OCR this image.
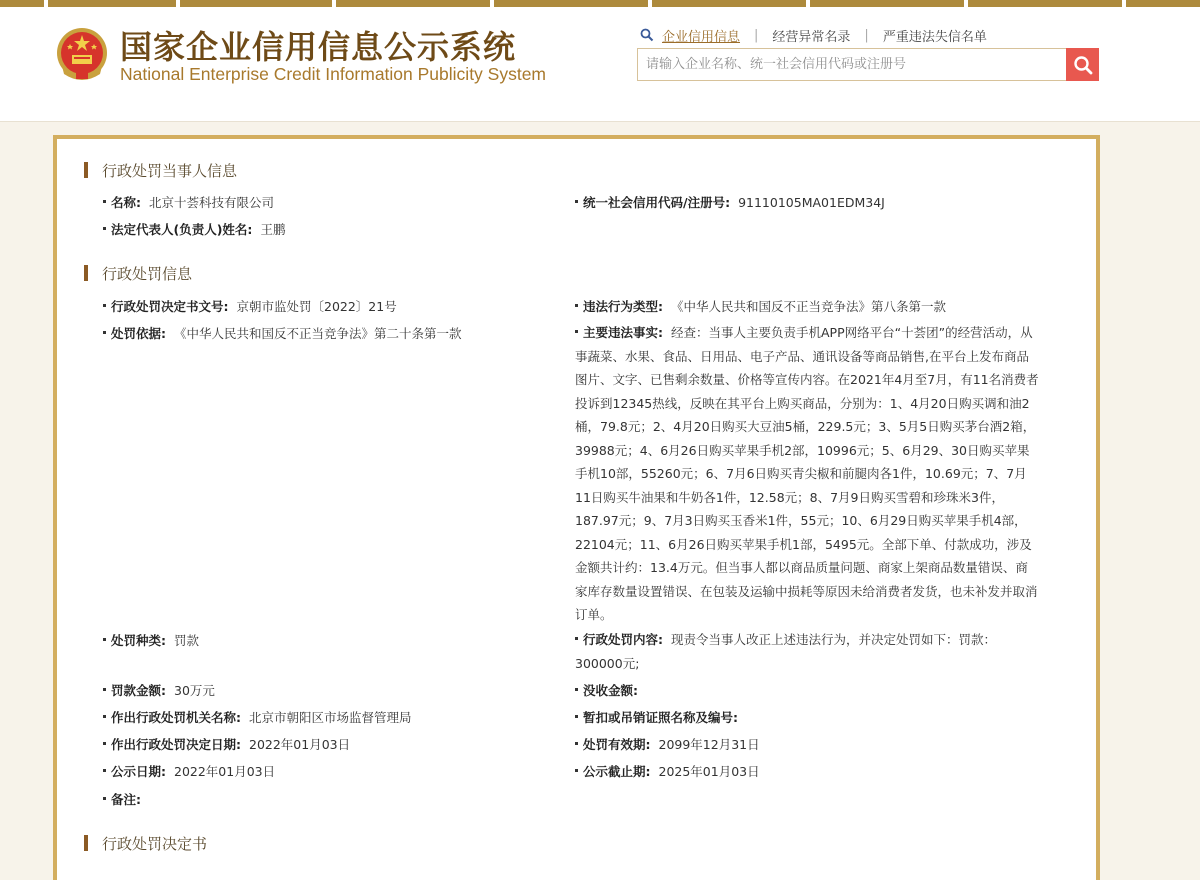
国家企业信用信息公示系统
National Enterprise Credit Information Publicity System
企业信用信息 | 经营异常名录 | 严重违法失信名单
请输入企业名称、统一社会信用代码或注册号
行政处罚当事人信息
名称: 北京十荟科技有限公司	统一社会信用代码/注册号: 91110105MA01EDM34J
法定代表人(负责人)姓名: 王鹏
行政处罚信息
行政处罚决定书文号: 京朝市监处罚〔2022〕21号	违法行为类型: 《中华人民共和国反不正当竞争法》第八条第一款
处罚依据: 《中华人民共和国反不正当竞争法》第二十条第一款	主要违法事实: 经查：当事人主要负责手机APP网络平台“十荟团”的经营活动，从事蔬菜、水果、食品、日用品、电子产品、通讯设备等商品销售,在平台上发布商品图片、文字、已售剩余数量、价格等宣传内容。在2021年4月至7月，有11名消费者投诉到12345热线，反映在其平台上购买商品，分别为：1、4月20日购买调和油2桶，79.8元；2、4月20日购买大豆油5桶，229.5元；3、5月5日购买茅台酒2箱，39988元；4、6月26日购买苹果手机2部，10996元；5、6月29、30日购买苹果手机10部，55260元；6、7月6日购买青尖椒和前腿肉各1件，10.69元；7、7月11日购买牛油果和牛奶各1件，12.58元；8、7月9日购买雪碧和珍珠米3件，187.97元；9、7月3日购买玉香米1件，55元；10、6月29日购买苹果手机4部，22104元；11、6月26日购买苹果手机1部，5495元。全部下单、付款成功，涉及金额共计约：13.4万元。但当事人都以商品质量问题、商家上架商品数量错误、商家库存数量设置错误、在包装及运输中损耗等原因未给消费者发货，也未补发并取消订单。
处罚种类: 罚款	行政处罚内容: 现责令当事人改正上述违法行为，并决定处罚如下：罚款：300000元;
罚款金额: 30万元	没收金额:
作出行政处罚机关名称: 北京市朝阳区市场监督管理局	暂扣或吊销证照名称及编号:
作出行政处罚决定日期: 2022年01月03日	处罚有效期: 2099年12月31日
公示日期: 2022年01月03日	公示截止期: 2025年01月03日
备注:
行政处罚决定书
